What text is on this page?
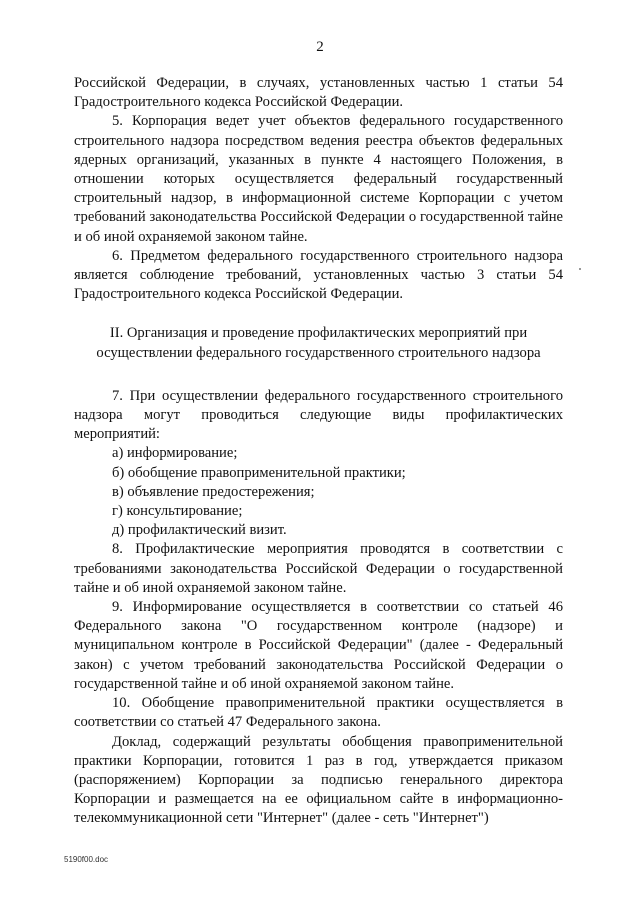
2

Российской Федерации, в случаях, установленных частью 1 статьи 54 Градостроительного кодекса Российской Федерации.

5. Корпорация ведет учет объектов федерального государственного строительного надзора посредством ведения реестра объектов федеральных ядерных организаций, указанных в пункте 4 настоящего Положения, в отношении которых осуществляется федеральный государственный строительный надзор, в информационной системе Корпорации с учетом требований законодательства Российской Федерации о государственной тайне и об иной охраняемой законом тайне.

6. Предметом федерального государственного строительного надзора является соблюдение требований, установленных частью 3 статьи 54 Градостроительного кодекса Российской Федерации.

II. Организация и проведение профилактических мероприятий при осуществлении федерального государственного строительного надзора

7. При осуществлении федерального государственного строительного надзора могут проводиться следующие виды профилактических мероприятий:

а) информирование;

б) обобщение правоприменительной практики;

в) объявление предостережения;

г) консультирование;

д) профилактический визит.

8. Профилактические мероприятия проводятся в соответствии с требованиями законодательства Российской Федерации о государственной тайне и об иной охраняемой законом тайне.

9. Информирование осуществляется в соответствии со статьей 46 Федерального закона "О государственном контроле (надзоре) и муниципальном контроле в Российской Федерации" (далее - Федеральный закон) с учетом требований законодательства Российской Федерации о государственной тайне и об иной охраняемой законом тайне.

10. Обобщение правоприменительной практики осуществляется в соответствии со статьей 47 Федерального закона.

Доклад, содержащий результаты обобщения правоприменительной практики Корпорации, готовится 1 раз в год, утверждается приказом (распоряжением) Корпорации за подписью генерального директора Корпорации и размещается на ее официальном сайте в информационно-телекоммуникационной сети "Интернет" (далее - сеть "Интернет")

5190f00.doc
